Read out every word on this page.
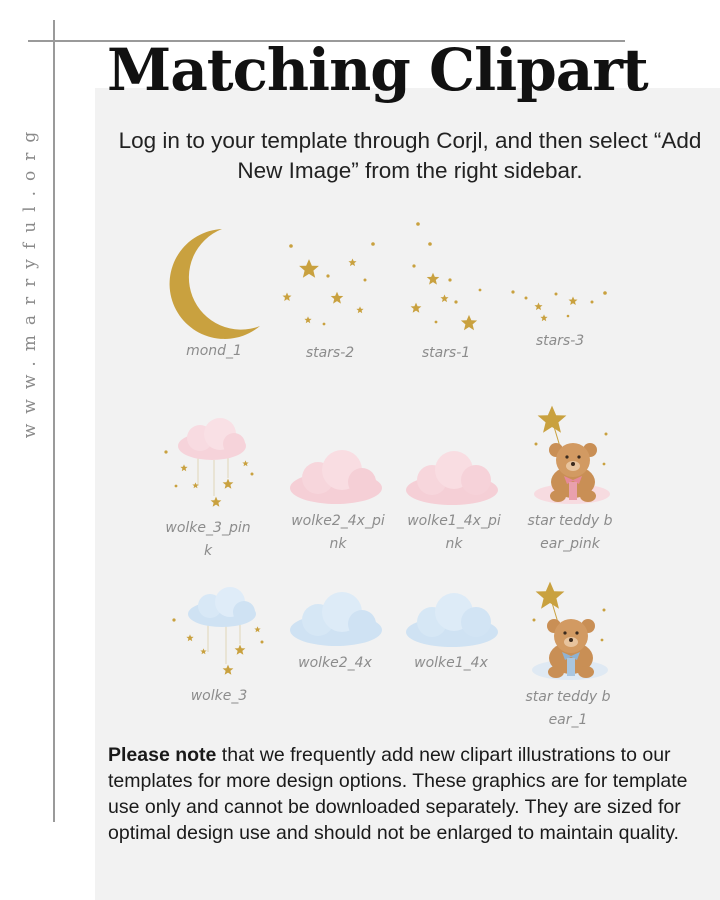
www.marryful.org
Matching Clipart
Log in to your template through Corjl, and then select “Add New Image” from the right sidebar.
mond_1	stars-2	stars-1
stars-3
wolke_3_pin
k
wolke2_4x_pi
nk
wolke1_4x_pi
nk
star teddy b
ear_pink
wolke_3
wolke2_4x	wolke1_4x
star teddy b
ear_1
Please note that we frequently add new clipart illustrations to our templates for more design options. These graphics are for template use only and cannot be downloaded separately. They are sized for optimal design use and should not be enlarged to maintain quality.
